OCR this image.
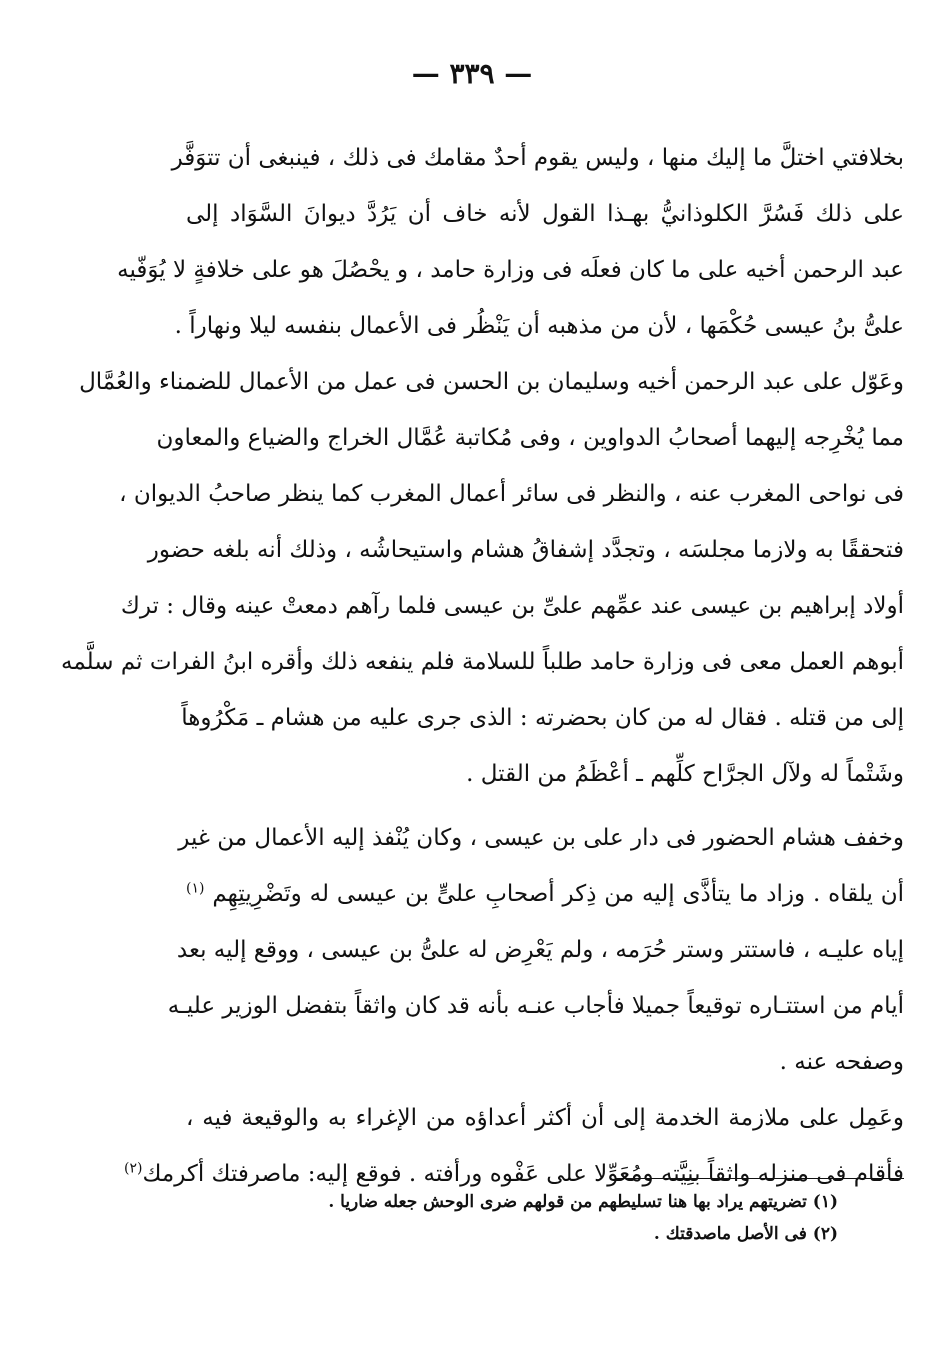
— ٣٣٩ —
بخلافتي اختلَّ ما إليك منها ، وليس يقوم أحدٌ مقامك فى ذلك ، فينبغى أن تتوَفَّر
على ذلك فَسُرَّ الكلوذانيُّ بهـذا القول لأنه خاف أن يَرُدَّ ديوانَ السَّوَاد إلى
عبد الرحمن أخيه على ما كان فعلَه فى وزارة حامد ، و يحْصُلَ هو على خلافةٍ لا يُوَفّيه
علىُّ بنُ عيسى حُكْمَها ، لأن من مذهبه أن يَنْظُر فى الأعمال بنفسه ليلا ونهاراً .
وعَوّل على عبد الرحمن أخيه وسليمان بن الحسن فى عمل من الأعمال للضمناء والعُمَّال
مما يُخْرِجه إليهما أصحابُ الدواوين ، وفى مُكاتبة عُمَّال الخراج والضياع والمعاون
فى نواحى المغرب عنه ، والنظر فى سائر أعمال المغرب كما ينظر صاحبُ الديوان ،
فتحققًا به ولازما مجلسَه ، وتجدَّد إشفاقُ هشام واستيحاشُه ، وذلك أنه بلغه حضور
أولاد إبراهيم بن عيسى عند عمِّهم علىِّ بن عيسى فلما رآهم دمعتْ عينه وقال : ترك
أبوهم العمل معى فى وزارة حامد طلباً للسلامة فلم ينفعه ذلك وأقره ابنُ الفرات ثم سلَّمه
إلى من قتله . فقال له من كان بحضرته : الذى جرى عليه من هشام ـ مَكْرُوهاً
وشَتْماً له ولآل الجرَّاح كلِّهم ـ أعْظَمُ من القتل .
وخفف هشام الحضور فى دار على بن عيسى ، وكان يُنْفذ إليه الأعمال من غير
أن يلقاه . وزاد ما يتأذَّى إليه من ذِكر أصحابِ علىٍّ بن عيسى له وتَضْرِيتِهِم $^{(١)}$
إياه عليـه ، فاستتر وستر حُرَمه ، ولم يَعْرِض له علىُّ بن عيسى ، ووقع إليه بعد
أيام من استتـاره توقيعاً جميلا فأجاب عنـه بأنه قد كان واثقاً بتفضل الوزير عليـه
وصفحه عنه .
وعَمِل على ملازمة الخدمة إلى أن أكثر أعداؤه من الإغراء به والوقيعة فيه ،
فأقام فى منزله واثقاً بنِيَّته ومُعَوِّلا على عَفْوه ورأفته . فوقع إليه: ماصرفتك أكرمك$^{(٢)}$
(١) تضريتهم يراد بها هنا تسليطهم من قولهم ضرى الوحش جعله ضاريا .
(٢) فى الأصل ماصدقتك .
